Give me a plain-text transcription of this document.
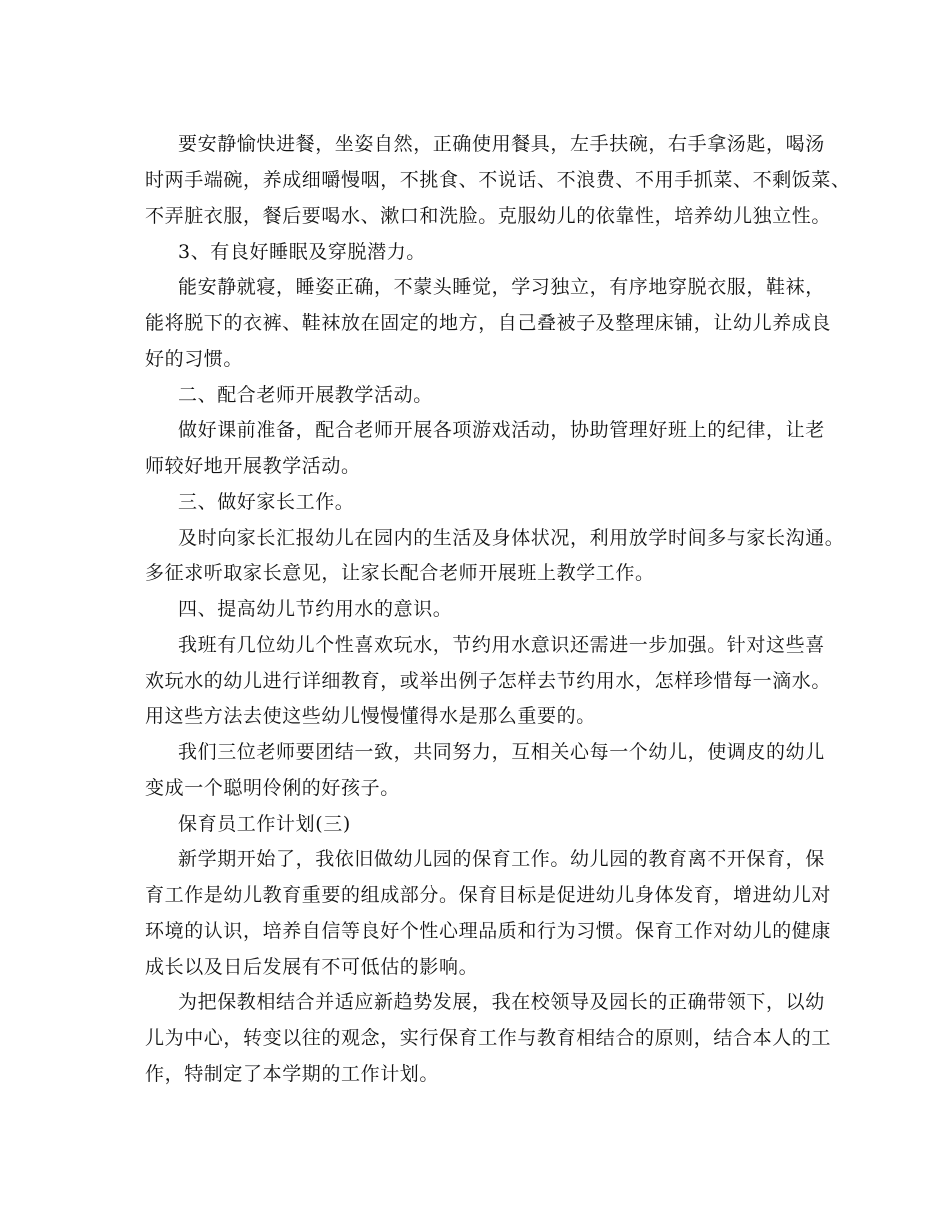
要安静愉快进餐，坐姿自然，正确使用餐具，左手扶碗，右手拿汤匙，喝汤
时两手端碗，养成细嚼慢咽，不挑食、不说话、不浪费、不用手抓菜、不剩饭菜、
不弄脏衣服，餐后要喝水、漱口和洗脸。克服幼儿的依靠性，培养幼儿独立性。
3、有良好睡眠及穿脱潜力。
能安静就寝，睡姿正确，不蒙头睡觉，学习独立，有序地穿脱衣服，鞋袜，
能将脱下的衣裤、鞋袜放在固定的地方，自己叠被子及整理床铺，让幼儿养成良
好的习惯。
二、配合老师开展教学活动。
做好课前准备，配合老师开展各项游戏活动，协助管理好班上的纪律，让老
师较好地开展教学活动。
三、做好家长工作。
及时向家长汇报幼儿在园内的生活及身体状况，利用放学时间多与家长沟通。
多征求听取家长意见，让家长配合老师开展班上教学工作。
四、提高幼儿节约用水的意识。
我班有几位幼儿个性喜欢玩水，节约用水意识还需进一步加强。针对这些喜
欢玩水的幼儿进行详细教育，或举出例子怎样去节约用水，怎样珍惜每一滴水。
用这些方法去使这些幼儿慢慢懂得水是那么重要的。
我们三位老师要团结一致，共同努力，互相关心每一个幼儿，使调皮的幼儿
变成一个聪明伶俐的好孩子。
保育员工作计划(三)
新学期开始了，我依旧做幼儿园的保育工作。幼儿园的教育离不开保育，保
育工作是幼儿教育重要的组成部分。保育目标是促进幼儿身体发育，增进幼儿对
环境的认识，培养自信等良好个性心理品质和行为习惯。保育工作对幼儿的健康
成长以及日后发展有不可低估的影响。
为把保教相结合并适应新趋势发展，我在校领导及园长的正确带领下，以幼
儿为中心，转变以往的观念，实行保育工作与教育相结合的原则，结合本人的工
作，特制定了本学期的工作计划。
